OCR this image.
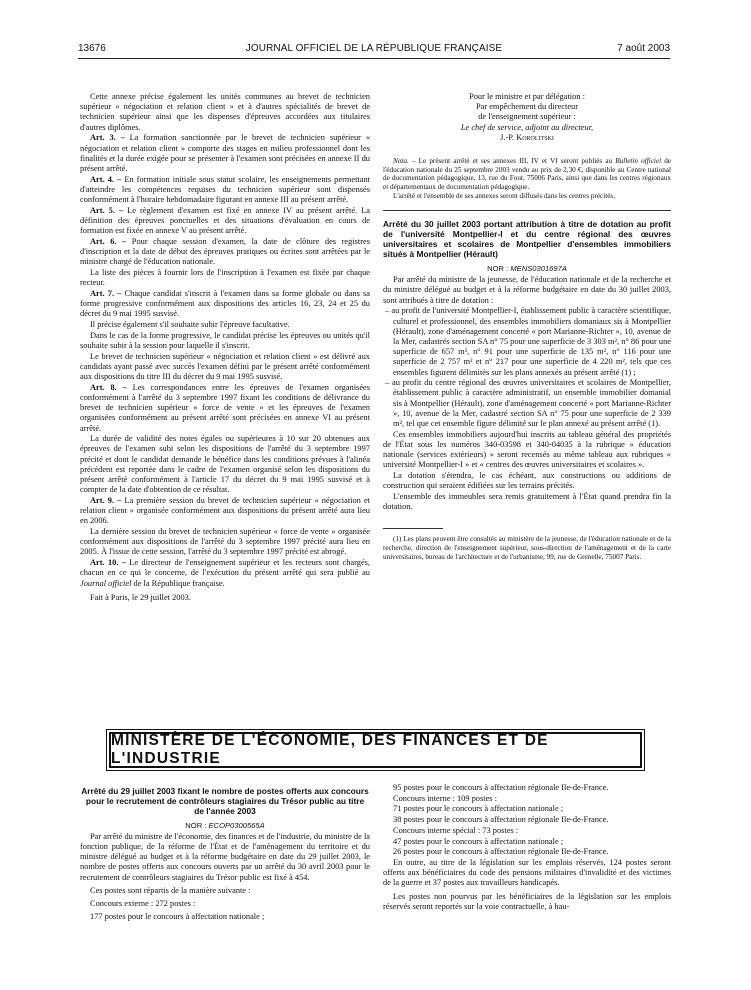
13676	JOURNAL OFFICIEL DE LA RÉPUBLIQUE FRANÇAISE	7 août 2003

Cette annexe précise également les unités communes au brevet de technicien supérieur « négociation et relation client » et à d'autres spécialités de brevet de technicien supérieur ainsi que les dispenses d'épreuves accordées aux titulaires d'autres diplômes.

Art. 3. – La formation sanctionnée par le brevet de technicien supérieur « négociation et relation client » comporte des stages en milieu professionnel dont les finalités et la durée exigée pour se présenter à l'examen sont précisées en annexe II du présent arrêté.

Art. 4. – En formation initiale sous statut scolaire, les enseignements permettant d'atteindre les compétences requises du technicien supérieur sont dispensés conformément à l'horaire hebdomadaire figurant en annexe III au présent arrêté.

Art. 5. – Le règlement d'examen est fixé en annexe IV au présent arrêté. La définition des épreuves ponctuelles et des situations d'évaluation en cours de formation est fixée en annexe V au présent arrêté.

Art. 6. – Pour chaque session d'examen, la date de clôture des registres d'inscription et la date de début des épreuves pratiques ou écrites sont arrêtées par le ministre chargé de l'éducation nationale.

La liste des pièces à fournir lors de l'inscription à l'examen est fixée par chaque recteur.

Art. 7. – Chaque candidat s'inscrit à l'examen dans sa forme globale ou dans sa forme progressive conformément aux dispositions des articles 16, 23, 24 et 25 du décret du 9 mai 1995 susvisé.

Il précise également s'il souhaite subir l'épreuve facultative.

Dans le cas de la forme progressive, le candidat précise les épreuves ou unités qu'il souhaite subir à la session pour laquelle il s'inscrit.

Le brevet de technicien supérieur « négociation et relation client » est délivré aux candidats ayant passé avec succès l'examen défini par le présent arrêté conformément aux dispositions du titre III du décret du 9 mai 1995 susvisé.

Art. 8. – Les correspondances entre les épreuves de l'examen organisées conformément à l'arrêté du 3 septembre 1997 fixant les conditions de délivrance du brevet de technicien supérieur « force de vente » et les épreuves de l'examen organisées conformément au présent arrêté sont précisées en annexe VI au présent arrêté.

La durée de validité des notes égales ou supérieures à 10 sur 20 obtenues aux épreuves de l'examen subi selon les dispositions de l'arrêté du 3 septembre 1997 précité et dont le candidat demande le bénéfice dans les conditions prévues à l'alinéa précédent est reportée dans le cadre de l'examen organisé selon les dispositions du présent arrêté conformément à l'article 17 du décret du 9 mai 1995 susvisé et à compter de la date d'obtention de ce résultat.

Art. 9. – La première session du brevet de technicien supérieur « négociation et relation client » organisée conformément aux dispositions du présent arrêté aura lieu en 2006.

La dernière session du brevet de technicien supérieur « force de vente » organisée conformément aux dispositions de l'arrêté du 3 septembre 1997 précité aura lieu en 2005. À l'issue de cette session, l'arrêté du 3 septembre 1997 précité est abrogé.

Art. 10. – Le directeur de l'enseignement supérieur et les recteurs sont chargés, chacun en ce qui le concerne, de l'exécution du présent arrêté qui sera publié au Journal officiel de la République française.

Fait à Paris, le 29 juillet 2003.

Pour le ministre et par délégation :
Par empêchement du directeur
de l'enseignement supérieur :
Le chef de service, adjoint au directeur,
J.-P. Korolitski

Nota. – Le présent arrêté et ses annexes III, IV et VI seront publiés au Bulletin officiel de l'éducation nationale du 25 septembre 2003 vendu au prix de 2,30 €, disponible au Centre national de documentation pédagogique, 13, rue du Four, 75006 Paris, ainsi que dans les centres régionaux et départementaux de documentation pédagogique.

L'arrêté et l'ensemble de ses annexes seront diffusés dans les centres précités.

Arrêté du 30 juillet 2003 portant attribution à titre de dotation au profit de l'université Montpellier-I et du centre régional des œuvres universitaires et scolaires de Montpellier d'ensembles immobiliers situés à Montpellier (Hérault)

NOR : MENS0301697A

Par arrêté du ministre de la jeunesse, de l'éducation nationale et de la recherche et du ministre délégué au budget et à la réforme budgétaire en date du 30 juillet 2003, sont attribués à titre de dotation :

– au profit de l'université Montpellier-I, établissement public à caractère scientifique, culturel et professionnel, des ensembles immobiliers domaniaux sis à Montpellier (Hérault), zone d'aménagement concerté « port Marianne-Richter », 10, avenue de la Mer, cadastrés section SA n° 75 pour une superficie de 3 303 m², n° 86 pour une superficie de 657 m², n° 91 pour une superficie de 135 m², n° 116 pour une superficie de 2 757 m² et n° 217 pour une superficie de 4 220 m², tels que ces ensembles figurent délimités sur les plans annexés au présent arrêté (1) ;

– au profit du centre régional des œuvres universitaires et scolaires de Montpellier, établissement public à caractère administratif, un ensemble immobilier domanial sis à Montpellier (Hérault), zone d'aménagement concerté « port Marianne-Richter », 10, avenue de la Mer, cadastré section SA n° 75 pour une superficie de 2 339 m², tel que cet ensemble figure délimité sur le plan annexé au présent arrêté (1).

Ces ensembles immobiliers aujourd'hui inscrits au tableau général des propriétés de l'État sous les numéros 340-03598 et 340-04035 à la rubrique « éducation nationale (services extérieurs) » seront recensés au même tableau aux rubriques « université Montpellier-I » et « centres des œuvres universitaires et scolaires ».

La dotation s'étendra, le cas échéant, aux constructions ou additions de construction qui seraient édifiées sur les terrains précités.

L'ensemble des immeubles sera remis gratuitement à l'État quand prendra fin la dotation.

(1) Les plans peuvent être consultés au ministère de la jeunesse, de l'éducation nationale et de la recherche, direction de l'enseignement supérieur, sous-direction de l'aménagement et de la carte universitaires, bureau de l'architecture et de l'urbanisme, 99, rue de Grenelle, 75007 Paris.

MINISTÈRE DE L'ÉCONOMIE, DES FINANCES ET DE L'INDUSTRIE
Arrêté du 29 juillet 2003 fixant le nombre de postes offerts aux concours pour le recrutement de contrôleurs stagiaires du Trésor public au titre de l'année 2003

NOR : ECOP0300565A

Par arrêté du ministre de l'économie, des finances et de l'industrie, du ministre de la fonction publique, de la réforme de l'État et de l'aménagement du territoire et du ministre délégué au budget et à la réforme budgétaire en date du 29 juillet 2003, le nombre de postes offerts aux concours ouverts par un arrêté du 30 avril 2003 pour le recrutement de contrôleurs stagiaires du Trésor public est fixé à 454.

Ces postes sont répartis de la manière suivante :

Concours externe : 272 postes :

177 postes pour le concours à affectation nationale ;

95 postes pour le concours à affectation régionale Ile-de-France.

Concours interne : 109 postes :

71 postes pour le concours à affectation nationale ;

38 postes pour le concours à affectation régionale Ile-de-France.

Concours interne spécial : 73 postes :

47 postes pour le concours à affectation nationale ;

26 postes pour le concours à affectation régionale Ile-de-France.

En outre, au titre de la législation sur les emplois réservés, 124 postes seront offerts aux bénéficiaires du code des pensions militaires d'invalidité et des victimes de la guerre et 37 postes aux travailleurs handicapés.

Les postes non pourvus par les bénéficiaires de la législation sur les emplois réservés seront reportés sur la voie contractuelle, à hau-
